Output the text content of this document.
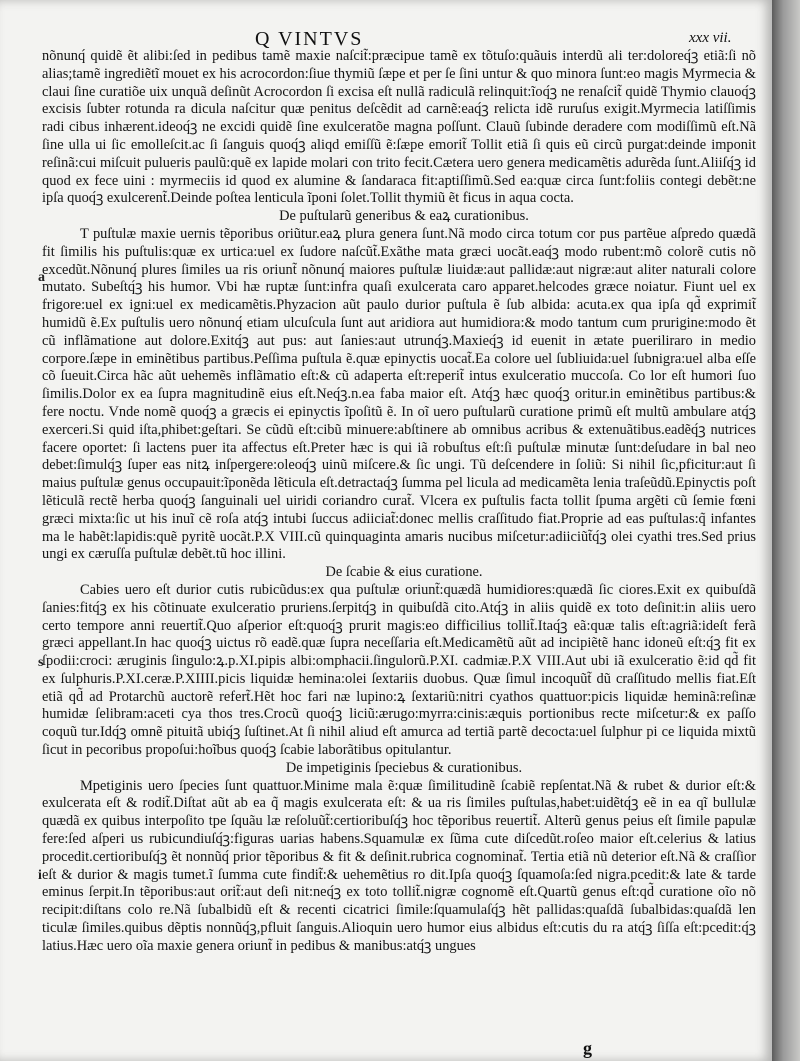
Q VINTVS	xxx vii.
a
s
i

nõnunq́ quidẽ ẽt alibi:ſed in pedibus tamẽ maxie naſcit̃:præcipue tamẽ ex tõtuſo:quãuis interdũ ali ter:doloreq́ꝫ etiã:ſi nõ alias;tamẽ ingrediẽtĩ mouet ex his acrocordon:ſiue thymiũ ſæpe et per ſe ſini untur & quo minora ſunt:eo magis Myrmecia & claui ſine curatiõe uix unquã deſinũt Acrocordon ſi excisa eſt nullã radiculã relinquit:ĩoq́ꝫ ne renaſcit̃ quidẽ Thymio clauoq́ꝫ excisis ſubter rotunda ra dicula naſcitur quæ penitus deſcẽdit ad carnẽ:eaq́ꝫ relicta idẽ ruruſus exigit.Myrmecia latiſſimis radi cibus inhærent.ideoq́ꝫ ne excidi quidẽ ſine exulceratõe magna poſſunt. Clauũ ſubinde deradere com modiſſimũ eſt.Nã ſine ulla ui ſic emolleſcit.ac ſi ſanguis quoq́ꝫ aliqd emiſſũ ẽ:ſæpe emorit̃ Tollit etiã ſi quis eũ circũ purgat:deinde imponit reſinã:cui miſcuit pulueris paulũ:quẽ ex lapide molari con trito fecit.Cætera uero genera medicamẽtis adurẽda ſunt.Aliiſq́ꝫ id quod ex fece uini : myrmeciis id quod ex alumine & ſandaraca fit:aptiſſimũ.Sed ea:quæ circa ſunt:foliis contegi debẽt:ne ipſa quoq́ꝫ exulcerent̃.Deinde poſtea lenticula ĩponi ſolet.Tollit thymiũ ẽt ficus in aqua cocta.

De puſtularũ generibus & eaꝝ curationibus.

T puſtulæ maxie uernis tẽporibus oriũtur.eaꝝ plura genera ſunt.Nã modo circa totum cor pus partẽue aſpredo quædã fit ſimilis his puſtulis:quæ ex urtica:uel ex ſudore naſcũt̃.Exãthe mata græci uocãt.eaq́ꝫ modo rubent:mõ colorẽ cutis nõ excedũt.Nõnunq́ plures ſimiles ua ris oriunt̃ nõnunq́ maiores puſtulæ liuidæ:aut pallidæ:aut nigræ:aut aliter naturali colore mutato. Subeſtq́ꝫ his humor. Vbi hæ ruptæ ſunt:infra quaſi exulcerata caro apparet.helcodes græce noiatur. Fiunt uel ex frigore:uel ex igni:uel ex medicamẽtis.Phyzacion aũt paulo durior puſtula ẽ ſub albida: acuta.ex qua ipſa qd̃ exprimit̃ humidũ ẽ.Ex puſtulis uero nõnunq́ etiam ulcuſcula ſunt aut aridiora aut humidiora:& modo tantum cum prurigine:modo ẽt cũ inflãmatione aut dolore.Exitq́ꝫ aut pus: aut ſanies:aut utrunq́ꝫ.Maxieq́ꝫ id euenit in ætate pueriliraro in medio corpore.ſæpe in eminẽtibus partibus.Peſſima puſtula ẽ.quæ epinyctis uocat̃.Ea colore uel ſubliuida:uel ſubnigra:uel alba eſſe cõ ſueuit.Circa hãc aũt uehemẽs inflãmatio eſt:& cũ adaperta eſt:reperit̃ intus exulceratio muccoſa. Co lor eſt humori ſuo ſimilis.Dolor ex ea ſupra magnitudinẽ eius eſt.Neq́ꝫ.n.ea faba maior eſt. Atq́ꝫ hæc quoq́ꝫ oritur.in eminẽtibus partibus:& fere noctu. Vnde nomẽ quoq́ꝫ a græcis ei epinyctis ĩpoſitũ ẽ. In oĩ uero puſtularũ curatione primũ eſt multũ ambulare atq́ꝫ exerceri.Si quid iſta,phibet:geſtari. Se cũdũ eſt:cibũ minuere:abſtinere ab omnibus acribus & extenuãtibus.eadẽq́ꝫ nutrices facere oportet: ſi lactens puer ita affectus eſt.Preter hæc is qui iã robuſtus eſt:ſi puſtulæ minutæ ſunt:deſudare in bal neo debet:ſimulq́ꝫ ſuper eas nitꝝ inſpergere:oleoq́ꝫ uinũ miſcere.& ſic ungi. Tũ deſcendere in ſoliũ: Si nihil ſic,pficitur:aut ſi maius puſtulæ genus occupauit:ĩponẽda lẽticula eſt.detractaq́ꝫ ſumma pel licula ad medicamẽta lenia traſeũdũ.Epinyctis poſt lẽticulã rectẽ herba quoq́ꝫ ſanguinali uel uiridi coriandro curat̃. Vlcera ex puſtulis facta tollit ſpuma argẽti cũ ſemie fœni græci mixta:ſic ut his inuĩ cẽ roſa atq́ꝫ intubi ſuccus adiiciat̃:donec mellis craſſitudo fiat.Proprie ad eas puſtulas:q̃ infantes ma le habẽt:lapidis:quẽ pyritẽ uocãt.P.X VIII.cũ quinquaginta amaris nucibus miſcetur:adiiciũt̃q́ꝫ olei cyathi tres.Sed prius ungi ex cæruſſa puſtulæ debẽt.tũ hoc illini.

De ſcabie & eius curatione.

Cabies uero eſt durior cutis rubicũdus:ex qua puſtulæ oriunt̃:quædã humidiores:quædã ſic ciores.Exit ex quibuſdã ſanies:fitq́ꝫ ex his cõtinuate exulceratio pruriens.ſerpitq́ꝫ in quibuſdã cito.Atq́ꝫ in aliis quidẽ ex toto deſinit:in aliis uero certo tempore anni reuertit̃.Quo aſperior eſt:quoq́ꝫ prurit magis:eo difficilius tollit̃.Itaq́ꝫ eã:quæ talis eſt:agriã:ideſt ferã græci appellant.In hac quoq́ꝫ uictus rõ eadẽ.quæ ſupra neceſſaria eſt.Medicamẽtũ aũt ad incipiẽtẽ hanc idoneũ eſt:q́ꝫ fit ex ſpodii:croci: æruginis ſingulo:ꝝ.p.XI.pipis albi:omphacii.ſingulorũ.P.XI. cadmiæ.P.X VIII.Aut ubi iã exulceratio ẽ:id qd̃ fit ex ſulphuris.P.XI.ceræ.P.XIIII.picis liquidæ hemina:olei ſextariis duobus. Quæ ſimul incoquũt̃ dũ craſſitudo mellis fiat.Eſt etiã qd̃ ad Protarchũ auctorẽ refert̃.Hẽt hoc fari næ lupino:ꝝ ſextariũ:nitri cyathos quattuor:picis liquidæ heminã:reſinæ humidæ ſelibram:aceti cya thos tres.Crocũ quoq́ꝫ liciũ:ærugo:myrra:cinis:æquis portionibus recte miſcetur:& ex paſſo coquũ tur.Idq́ꝫ omnẽ pituitã ubiq́ꝫ ſuſtinet.At ſi nihil aliud eſt amurca ad tertiã partẽ decocta:uel ſulphur pi ce liquida mixtũ ſicut in pecoribus propoſui:hoĩbus quoq́ꝫ ſcabie laborãtibus opitulantur.

De impetiginis ſpeciebus & curationibus.

Mpetiginis uero ſpecies ſunt quattuor.Minime mala ẽ:quæ ſimilitudinẽ ſcabiẽ repſentat.Nã & rubet & durior eſt:& exulcerata eſt & rodit̃.Diſtat aũt ab ea q̃ magis exulcerata eſt: & ua ris ſimiles puſtulas,habet:uidẽtq́ꝫ eẽ in ea qĩ bullulæ quædã ex quibus interpoſito tpe ſquãu læ reſoluũt̃:certioribuſq́ꝫ hoc tẽporibus reuertit̃. Alterũ genus peius eſt ſimile papulæ fere:ſed aſperi us rubicundiuſq́ꝫ:figuras uarias habens.Squamulæ ex ſũma cute diſcedũt.roſeo maior eſt.celerius & latius procedit.certioribuſq́ꝫ ẽt nonnũq́ prior tẽporibus & fit & deſinit.rubrica cognominat̃. Tertia etiã nũ deterior eſt.Nã & craſſior eſt & durior & magis tumet.ĩ ſumma cute findit̃:& uehemẽtius ro dit.Ipſa quoq́ꝫ ſquamoſa:ſed nigra.pcedit:& late & tarde eminus ſerpit.In tẽporibus:aut orit̃:aut deſi nit:neq́ꝫ ex toto tollit̃.nigræ cognomẽ eſt.Quartũ genus eſt:qd̃ curatione oĩo nõ recipit:diſtans colo re.Nã ſubalbidũ eſt & recenti cicatrici ſimile:ſquamulaſq́ꝫ hẽt pallidas:quaſdã ſubalbidas:quaſdã len ticulæ ſimiles.quibus dẽptis nonnũq́ꝫ,pfluit ſanguis.Alioquin uero humor eius albidus eſt:cutis du ra atq́ꝫ ſiſſa eſt:pcedit:q́ꝫ latius.Hæc uero oĩa maxie genera oriunt̃ in pedibus & manibus:atq́ꝫ ungues

g
